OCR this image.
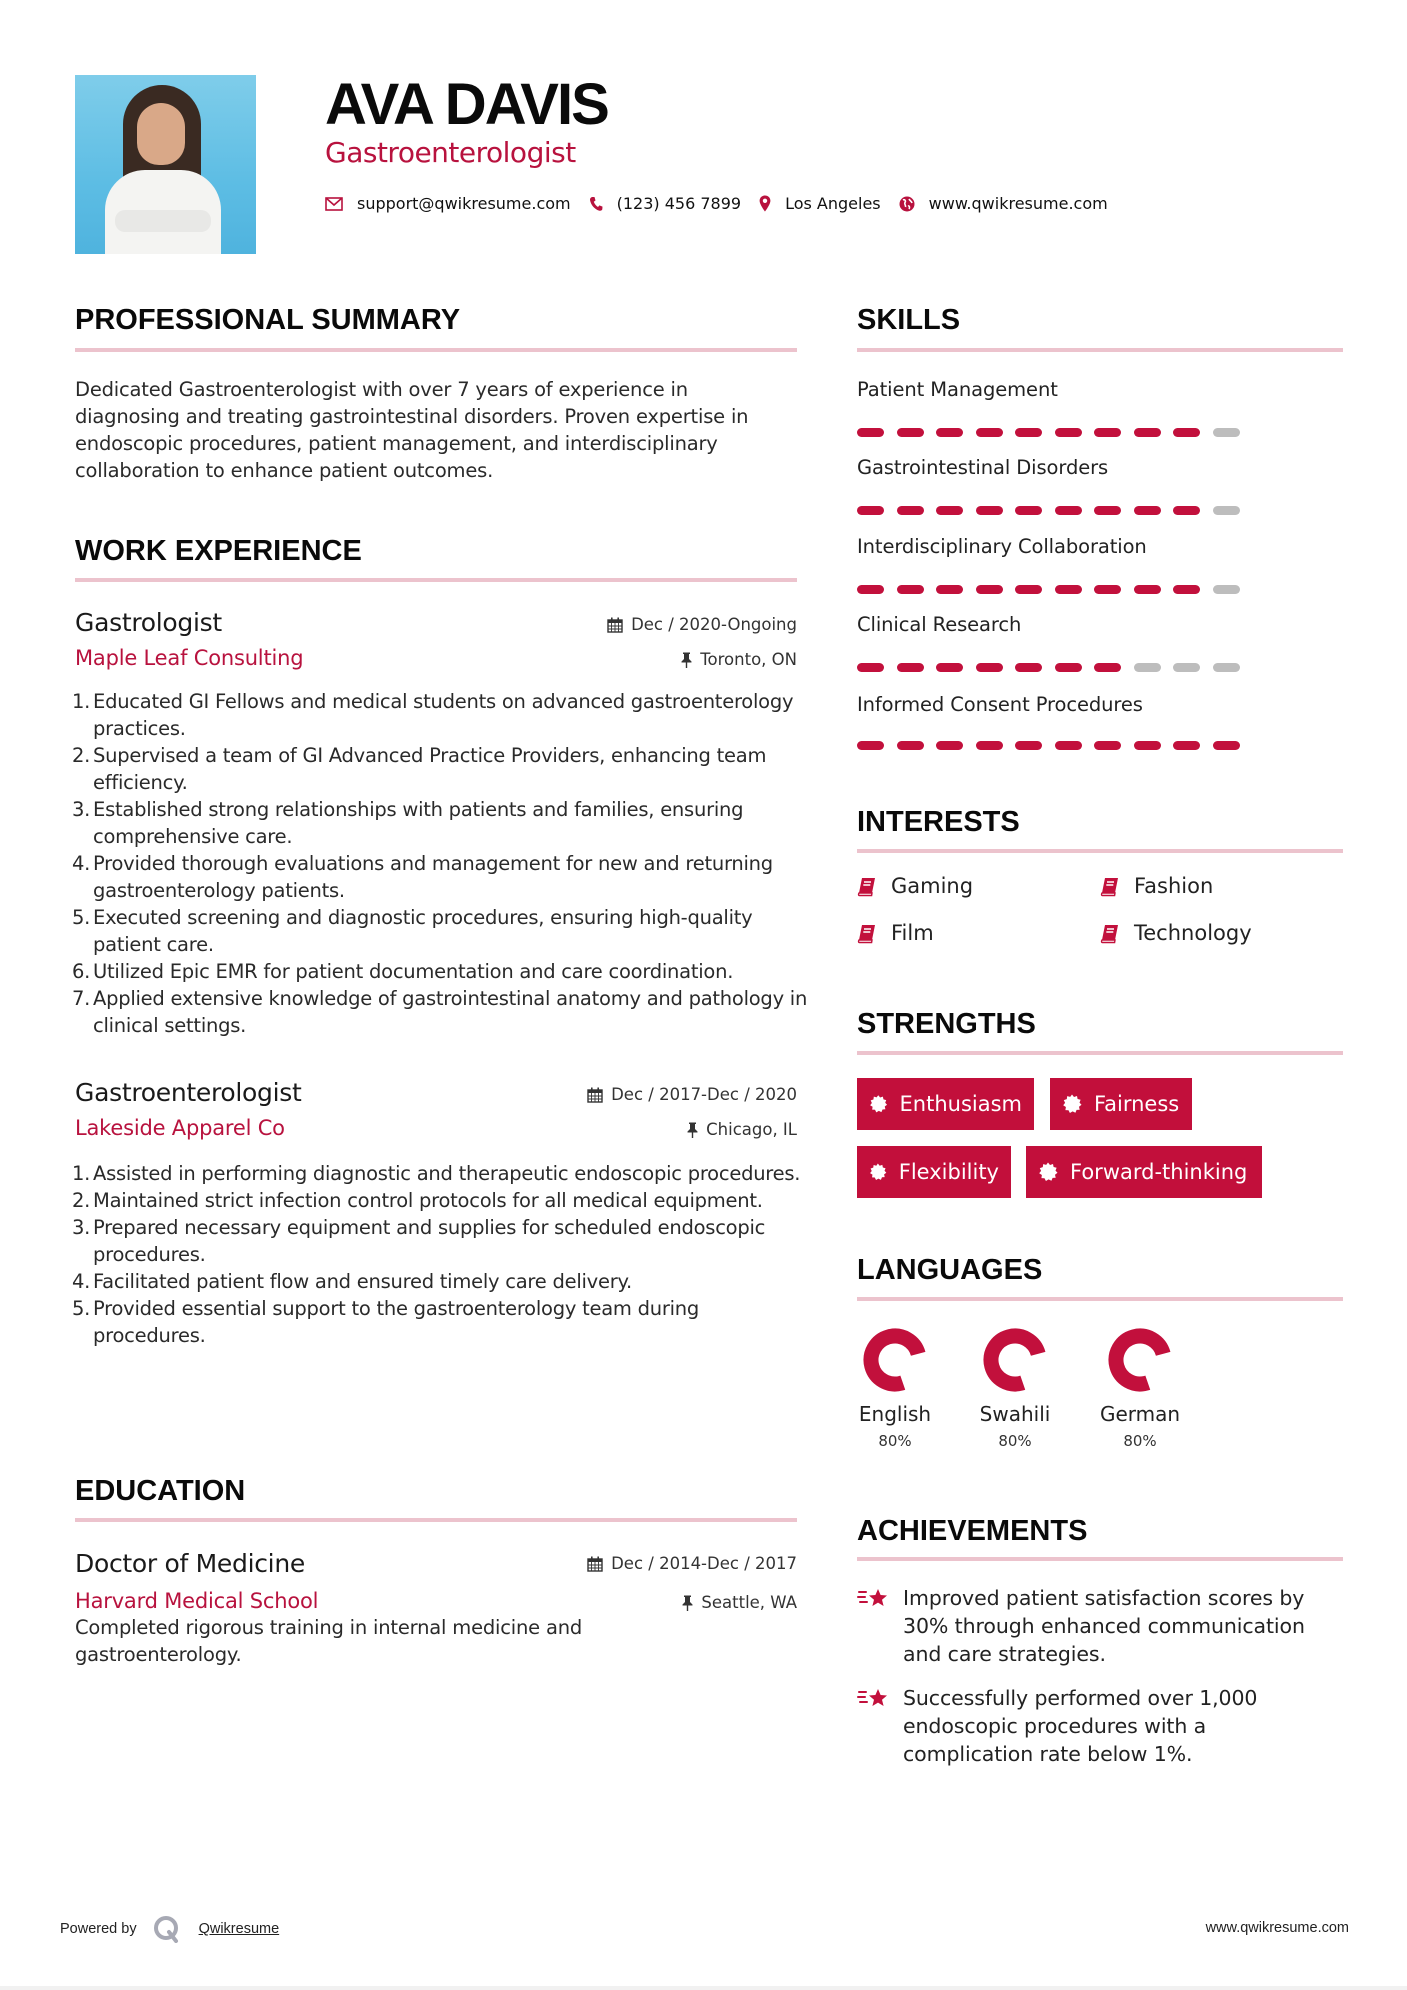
AVA DAVIS
Gastroenterologist
support@qwikresume.com	(123) 456 7899	Los Angeles	www.qwikresume.com
PROFESSIONAL SUMMARY
Dedicated Gastroenterologist with over 7 years of experience in diagnosing and treating gastrointestinal disorders. Proven expertise in endoscopic procedures, patient management, and interdisciplinary collaboration to enhance patient outcomes.
WORK EXPERIENCE
Gastrologist	Dec / 2020-Ongoing
Maple Leaf Consulting	Toronto, ON
1. Educated GI Fellows and medical students on advanced gastroenterology practices.
2. Supervised a team of GI Advanced Practice Providers, enhancing team efficiency.
3. Established strong relationships with patients and families, ensuring comprehensive care.
4. Provided thorough evaluations and management for new and returning gastroenterology patients.
5. Executed screening and diagnostic procedures, ensuring high-quality patient care.
6. Utilized Epic EMR for patient documentation and care coordination.
7. Applied extensive knowledge of gastrointestinal anatomy and pathology in clinical settings.
Gastroenterologist	Dec / 2017-Dec / 2020
Lakeside Apparel Co	Chicago, IL
1. Assisted in performing diagnostic and therapeutic endoscopic procedures.
2. Maintained strict infection control protocols for all medical equipment.
3. Prepared necessary equipment and supplies for scheduled endoscopic procedures.
4. Facilitated patient flow and ensured timely care delivery.
5. Provided essential support to the gastroenterology team during procedures.
EDUCATION
Doctor of Medicine	Dec / 2014-Dec / 2017
Harvard Medical School	Seattle, WA
Completed rigorous training in internal medicine and gastroenterology.
SKILLS
Patient Management
Gastrointestinal Disorders
Interdisciplinary Collaboration
Clinical Research
Informed Consent Procedures
INTERESTS
Gaming	Fashion
Film	Technology
STRENGTHS
Enthusiasm	Fairness
Flexibility	Forward-thinking
LANGUAGES
English
80%
Swahili
80%
German
80%
ACHIEVEMENTS
Improved patient satisfaction scores by 30% through enhanced communication and care strategies.
Successfully performed over 1,000 endoscopic procedures with a complication rate below 1%.
Powered by	Qwikresume	www.qwikresume.com
